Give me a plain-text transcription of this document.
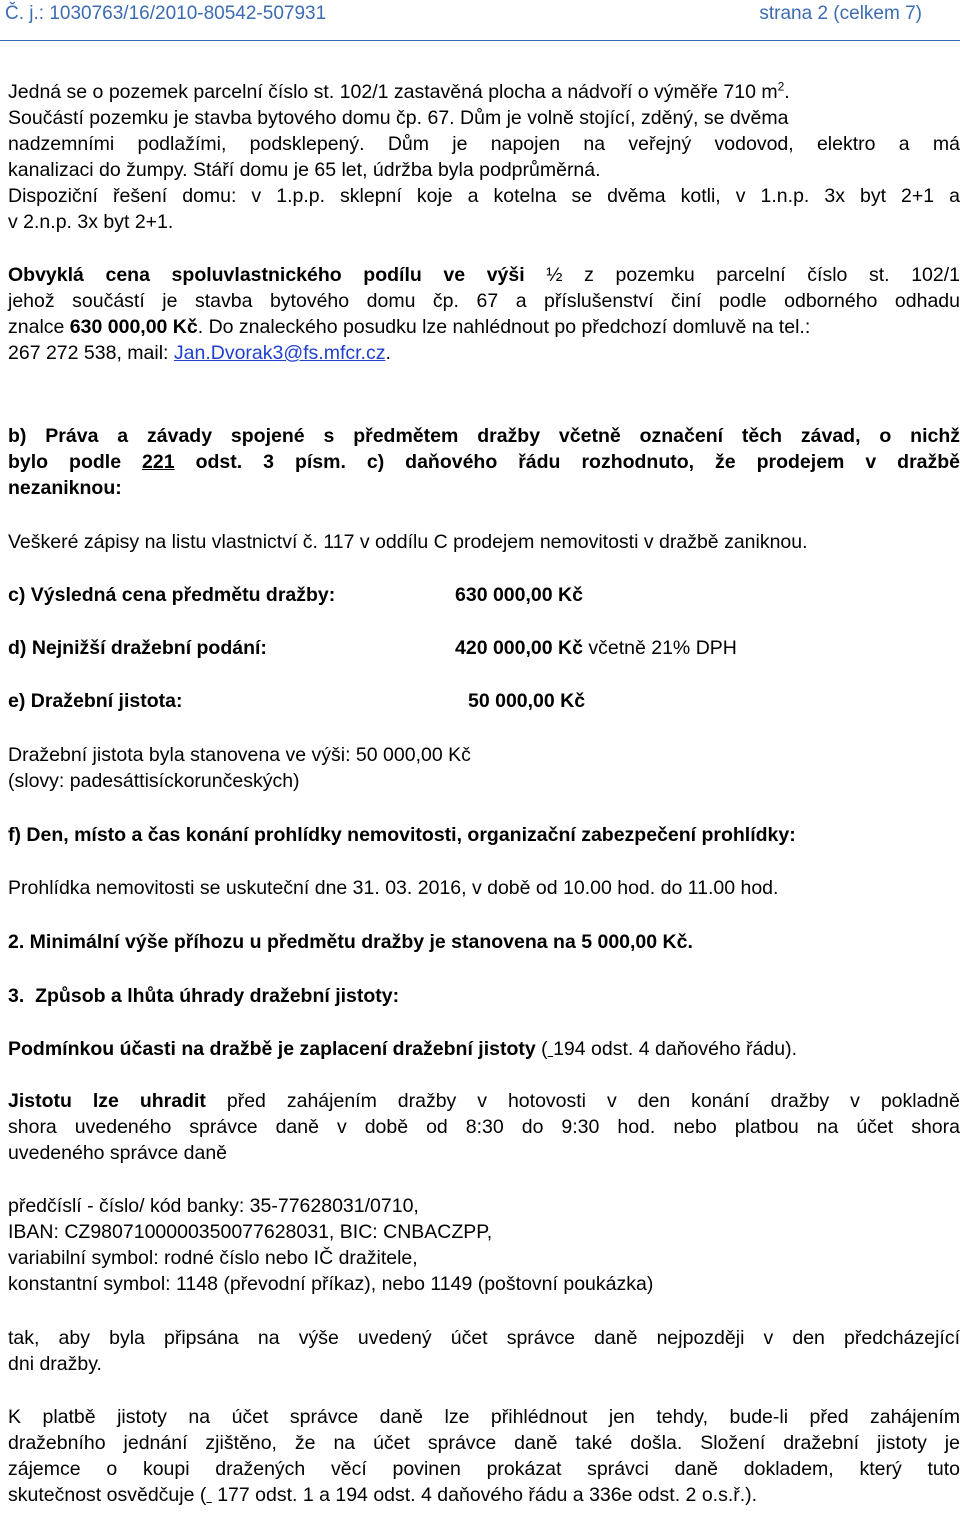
Č. j.: 1030763/16/2010-80542-507931	strana 2 (celkem 7)
Jedná se o pozemek parcelní číslo st. 102/1 zastavěná plocha a nádvoří o výměře 710 $m^2$.
Součástí pozemku je stavba bytového domu čp. 67. Dům je volně stojící, zděný, se dvěma
nadzemními podlažími, podsklepený. Dům je napojen na veřejný vodovod, elektro a má
kanalizaci do žumpy. Stáří domu je 65 let, údržba byla podprůměrná.
Dispoziční řešení domu: v 1.p.p. sklepní koje a kotelna se dvěma kotli, v 1.n.p. 3x byt 2+1 a
v 2.n.p. 3x byt 2+1.
Obvyklá cena spoluvlastnického podílu ve výši ½ z pozemku parcelní číslo st. 102/1
jehož součástí je stavba bytového domu čp. 67 a příslušenství činí podle odborného odhadu
znalce 630 000,00 Kč. Do znaleckého posudku lze nahlédnout po předchozí domluvě na tel.:
267 272 538, mail: Jan.Dvorak3@fs.mfcr.cz.
b) Práva a závady spojené s předmětem dražby včetně označení těch závad, o nichž
bylo podle 221 odst. 3 písm. c) daňového řádu rozhodnuto, že prodejem v dražbě
nezaniknou:
Veškeré zápisy na listu vlastnictví č. 117 v oddílu C prodejem nemovitosti v dražbě zaniknou.
c) Výsledná cena předmětu dražby:	630 000,00 Kč
d) Nejnižší dražební podání:	420 000,00 Kč včetně 21% DPH
e) Dražební jistota:	50 000,00 Kč
Dražební jistota byla stanovena ve výši: 50 000,00 Kč
(slovy: padesáttisíckorunčeských)
f) Den, místo a čas konání prohlídky nemovitosti, organizační zabezpečení prohlídky:
Prohlídka nemovitosti se uskuteční dne 31. 03. 2016, v době od 10.00 hod. do 11.00 hod.
2. Minimální výše příhozu u předmětu dražby je stanovena na 5 000,00 Kč.
3. Způsob a lhůta úhrady dražební jistoty:
Podmínkou účasti na dražbě je zaplacení dražební jistoty ( 194 odst. 4 daňového řádu).
Jistotu lze uhradit před zahájením dražby v hotovosti v den konání dražby v pokladně
shora uvedeného správce daně v době od 8:30 do 9:30 hod. nebo platbou na účet shora
uvedeného správce daně
předčíslí - číslo/ kód banky: 35-77628031/0710,
IBAN: CZ9807100000350077628031, BIC: CNBACZPP,
variabilní symbol: rodné číslo nebo IČ dražitele,
konstantní symbol: 1148 (převodní příkaz), nebo 1149 (poštovní poukázka)
tak, aby byla připsána na výše uvedený účet správce daně nejpozději v den předcházející
dni dražby.
K platbě jistoty na účet správce daně lze přihlédnout jen tehdy, bude-li před zahájením
dražebního jednání zjištěno, že na účet správce daně také došla. Složení dražební jistoty je
zájemce o koupi dražených věcí povinen prokázat správci daně dokladem, který tuto
skutečnost osvědčuje (  177 odst. 1 a 194 odst. 4 daňového řádu a 336e odst. 2 o.s.ř.).
